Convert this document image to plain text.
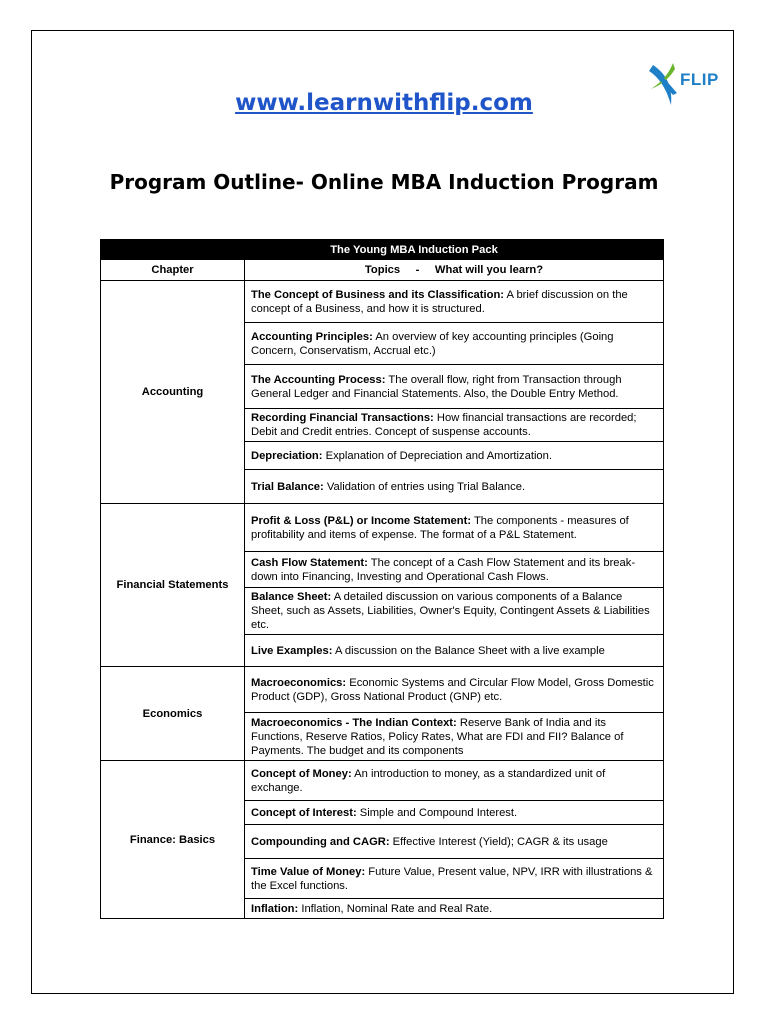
FLIP
www.learnwithflip.com
Program Outline- Online MBA Induction Program
The Young MBA Induction Pack	
Chapter	Topics     -     What will you learn?
Accounting	The Concept of Business and its Classification: A brief discussion on the concept of a Business, and how it is structured.
	Accounting Principles: An overview of key accounting principles (Going Concern, Conservatism, Accrual etc.)
	The Accounting Process: The overall flow, right from Transaction through General Ledger and Financial Statements. Also, the Double Entry Method.
	Recording Financial Transactions: How financial transactions are recorded; Debit and Credit entries. Concept of suspense accounts.
	Depreciation: Explanation of Depreciation and Amortization.
	Trial Balance: Validation of entries using Trial Balance.
Financial Statements	Profit & Loss (P&L) or Income Statement: The components - measures of profitability and items of expense. The format of a P&L Statement.
	Cash Flow Statement: The concept of a Cash Flow Statement and its break-down into Financing, Investing and Operational Cash Flows.
	Balance Sheet: A detailed discussion on various components of a Balance Sheet, such as Assets, Liabilities, Owner's Equity, Contingent Assets & Liabilities etc.
	Live Examples: A discussion on the Balance Sheet with a live example
Economics	Macroeconomics: Economic Systems and Circular Flow Model, Gross Domestic Product (GDP), Gross National Product (GNP) etc.
	Macroeconomics - The Indian Context: Reserve Bank of India and its Functions, Reserve Ratios, Policy Rates, What are FDI and FII? Balance of Payments. The budget and its components
Finance: Basics	Concept of Money: An introduction to money, as a standardized unit of exchange.
	Concept of Interest: Simple and Compound Interest.
	Compounding and CAGR: Effective Interest (Yield); CAGR & its usage
	Time Value of Money: Future Value, Present value, NPV, IRR with illustrations & the Excel functions.
	Inflation: Inflation, Nominal Rate and Real Rate.
